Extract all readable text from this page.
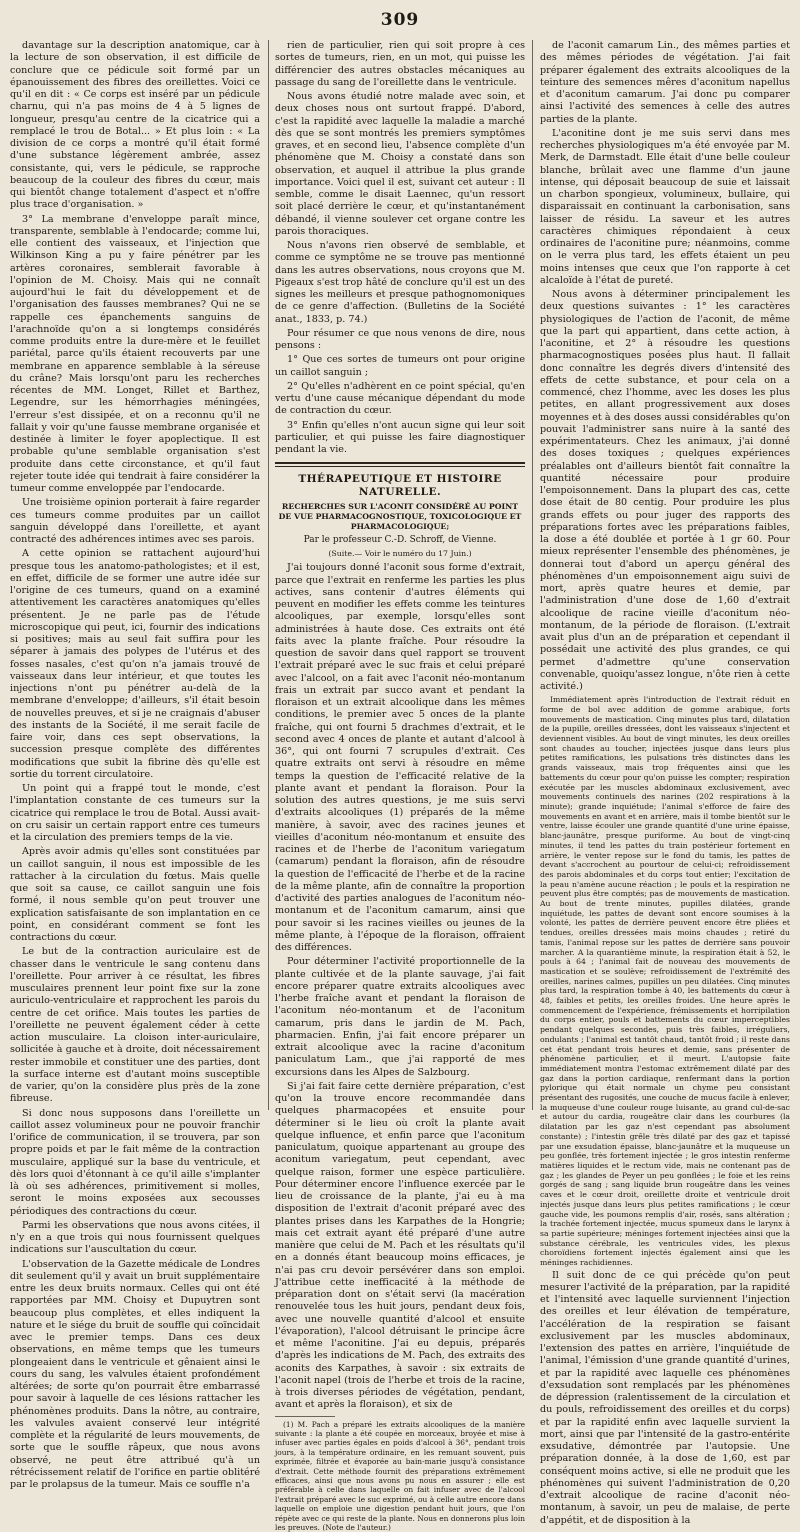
309

davantage sur la description anatomique, car à la lecture de son observation, il est difficile de conclure que ce pédicule soit formé par un épanouissement des fibres des oreillettes. Voici ce qu'il en dit : « Ce corps est inséré par un pédicule charnu, qui n'a pas moins de 4 à 5 lignes de longueur, presqu'au centre de la cicatrice qui a remplacé le trou de Botal... » Et plus loin : « La division de ce corps a montré qu'il était formé d'une substance légèrement ambrée, assez consistante, qui, vers le pédicule, se rapproche beaucoup de la couleur des fibres du cœur, mais qui bientôt change totalement d'aspect et n'offre plus trace d'organisation. »

3° La membrane d'enveloppe paraît mince, transparente, semblable à l'endocarde; comme lui, elle contient des vaisseaux, et l'injection que Wilkinson King a pu y faire pénétrer par les artères coronaires, semblerait favorable à l'opinion de M. Choisy. Mais qui ne connaît aujourd'hui le fait du développement et de l'organisation des fausses membranes? Qui ne se rappelle ces épanchements sanguins de l'arachnoïde qu'on a si longtemps considérés comme produits entre la dure-mère et le feuillet pariétal, parce qu'ils étaient recouverts par une membrane en apparence semblable à la séreuse du crâne? Mais lorsqu'ont paru les recherches récentes de MM. Longet, Rillet et Barthez, Legendre, sur les hémorrhagies méningées, l'erreur s'est dissipée, et on a reconnu qu'il ne fallait y voir qu'une fausse membrane organisée et destinée à limiter le foyer apoplectique. Il est probable qu'une semblable organisation s'est produite dans cette circonstance, et qu'il faut rejeter toute idée qui tendrait à faire considérer la tumeur comme enveloppée par l'endocarde.

Une troisième opinion porterait à faire regarder ces tumeurs comme produites par un caillot sanguin développé dans l'oreillette, et ayant contracté des adhérences intimes avec ses parois.

A cette opinion se rattachent aujourd'hui presque tous les anatomo-pathologistes; et il est, en effet, difficile de se former une autre idée sur l'origine de ces tumeurs, quand on a examiné attentivement les caractères anatomiques qu'elles présentent. Je ne parle pas de l'étude microscopique qui peut, ici, fournir des indications si positives; mais au seul fait suffira pour les séparer à jamais des polypes de l'utérus et des fosses nasales, c'est qu'on n'a jamais trouvé de vaisseaux dans leur intérieur, et que toutes les injections n'ont pu pénétrer au-delà de la membrane d'enveloppe; d'ailleurs, s'il était besoin de nouvelles preuves, et si je ne craignais d'abuser des instants de la Société, il me serait facile de faire voir, dans ces sept observations, la succession presque complète des différentes modifications que subit la fibrine dès qu'elle est sortie du torrent circulatoire.

Un point qui a frappé tout le monde, c'est l'implantation constante de ces tumeurs sur la cicatrice qui remplace le trou de Botal. Aussi avait-on cru saisir un certain rapport entre ces tumeurs et la circulation des premiers temps de la vie.

Après avoir admis qu'elles sont constituées par un caillot sanguin, il nous est impossible de les rattacher à la circulation du fœtus. Mais quelle que soit sa cause, ce caillot sanguin une fois formé, il nous semble qu'on peut trouver une explication satisfaisante de son implantation en ce point, en considérant comment se font les contractions du cœur.

Le but de la contraction auriculaire est de chasser dans le ventricule le sang contenu dans l'oreillette. Pour arriver à ce résultat, les fibres musculaires prennent leur point fixe sur la zone auriculo-ventriculaire et rapprochent les parois du centre de cet orifice. Mais toutes les parties de l'oreillette ne peuvent également céder à cette action musculaire. La cloison inter-auriculaire, sollicitée à gauche et à droite, doit nécessairement rester immobile et constituer une des parties, dont la surface interne est d'autant moins susceptible de varier, qu'on la considère plus près de la zone fibreuse.

Si donc nous supposons dans l'oreillette un caillot assez volumineux pour ne pouvoir franchir l'orifice de communication, il se trouvera, par son propre poids et par le fait même de la contraction musculaire, appliqué sur la base du ventricule, et dès lors quoi d'étonnant à ce qu'il aille s'implanter là où ses adhérences, primitivement si molles, seront le moins exposées aux secousses périodiques des contractions du cœur.

Parmi les observations que nous avons citées, il n'y en a que trois qui nous fournissent quelques indications sur l'auscultation du cœur.

L'observation de la Gazette médicale de Londres dit seulement qu'il y avait un bruit supplémentaire entre les deux bruits normaux. Celles qui ont été rapportées par MM. Choisy et Dupuytren sont beaucoup plus complètes, et elles indiquent la nature et le siége du bruit de souffle qui coïncidait avec le premier temps. Dans ces deux observations, en même temps que les tumeurs plongeaient dans le ventricule et gênaient ainsi le cours du sang, les valvules étaient profondément altérées; de sorte qu'on pourrait être embarrassé pour savoir à laquelle de ces lésions rattacher les phénomènes produits. Dans la nôtre, au contraire, les valvules avaient conservé leur intégrité complète et la régularité de leurs mouvements, de sorte que le souffle râpeux, que nous avons observé, ne peut être attribué qu'à un rétrécissement relatif de l'orifice en partie oblitéré par le prolapsus de la tumeur. Mais ce souffle n'a

rien de particulier, rien qui soit propre à ces sortes de tumeurs, rien, en un mot, qui puisse les différencier des autres obstacles mécaniques au passage du sang de l'oreillette dans le ventricule.

Nous avons étudié notre malade avec soin, et deux choses nous ont surtout frappé. D'abord, c'est la rapidité avec laquelle la maladie a marché dès que se sont montrés les premiers symptômes graves, et en second lieu, l'absence complète d'un phénomène que M. Choisy a constaté dans son observation, et auquel il attribue la plus grande importance. Voici quel il est, suivant cet auteur : Il semble, comme le disait Laennec, qu'un ressort soit placé derrière le cœur, et qu'instantanément débandé, il vienne soulever cet organe contre les parois thoraciques.

Nous n'avons rien observé de semblable, et comme ce symptôme ne se trouve pas mentionné dans les autres observations, nous croyons que M. Pigeaux s'est trop hâté de conclure qu'il est un des signes les meilleurs et presque pathognomoniques de ce genre d'affection. (Bulletins de la Société anat., 1833, p. 74.)

Pour résumer ce que nous venons de dire, nous pensons :

1° Que ces sortes de tumeurs ont pour origine un caillot sanguin ;

2° Qu'elles n'adhèrent en ce point spécial, qu'en vertu d'une cause mécanique dépendant du mode de contraction du cœur.

3° Enfin qu'elles n'ont aucun signe qui leur soit particulier, et qui puisse les faire diagnostiquer pendant la vie.

THÉRAPEUTIQUE ET HISTOIRE NATURELLE.

RECHERCHES SUR L'ACONIT CONSIDÉRÉ AU POINT DE VUE PHARMACOGNOSTIQUE, TOXICOLOGIQUE ET PHARMACOLOGIQUE;

Par le professeur C.-D. Schroff, de Vienne.

(Suite.— Voir le numéro du 17 Juin.)

J'ai toujours donné l'aconit sous forme d'extrait, parce que l'extrait en renferme les parties les plus actives, sans contenir d'autres éléments qui peuvent en modifier les effets comme les teintures alcooliques, par exemple, lorsqu'elles sont administrées à haute dose. Ces extraits ont été faits avec la plante fraîche. Pour résoudre la question de savoir dans quel rapport se trouvent l'extrait préparé avec le suc frais et celui préparé avec l'alcool, on a fait avec l'aconit néo-montanum frais un extrait par succo avant et pendant la floraison et un extrait alcoolique dans les mêmes conditions, le premier avec 5 onces de la plante fraîche, qui ont fourni 5 drachmes d'extrait, et le second avec 4 onces de plante et autant d'alcool à 36°, qui ont fourni 7 scrupules d'extrait. Ces quatre extraits ont servi à résoudre en même temps la question de l'efficacité relative de la plante avant et pendant la floraison. Pour la solution des autres questions, je me suis servi d'extraits alcooliques (1) préparés de la même manière, à savoir, avec des racines jeunes et vieilles d'aconitum néo-montanum et ensuite des racines et de l'herbe de l'aconitum variegatum (camarum) pendant la floraison, afin de résoudre la question de l'efficacité de l'herbe et de la racine de la même plante, afin de connaître la proportion d'activité des parties analogues de l'aconitum néo-montanum et de l'aconitum camarum, ainsi que pour savoir si les racines vieilles ou jeunes de la même plante, à l'époque de la floraison, offraient des différences.

Pour déterminer l'activité proportionnelle de la plante cultivée et de la plante sauvage, j'ai fait encore préparer quatre extraits alcooliques avec l'herbe fraîche avant et pendant la floraison de l'aconitum néo-montanum et de l'aconitum camarum, pris dans le jardin de M. Pach, pharmacien. Enfin, j'ai fait encore préparer un extrait alcoolique avec la racine d'aconitum paniculatum Lam., que j'ai rapporté de mes excursions dans les Alpes de Salzbourg.

Si j'ai fait faire cette dernière préparation, c'est qu'on la trouve encore recommandée dans quelques pharmacopées et ensuite pour déterminer si le lieu où croît la plante avait quelque influence, et enfin parce que l'aconitum paniculatum, quoique appartenant au groupe des aconitum variegatum, peut cependant, avec quelque raison, former une espèce particulière. Pour déterminer encore l'influence exercée par le lieu de croissance de la plante, j'ai eu à ma disposition de l'extrait d'aconit préparé avec des plantes prises dans les Karpathes de la Hongrie; mais cet extrait ayant été préparé d'une autre manière que celui de M. Pach et les résultats qu'il en a donnés étant beaucoup moins efficaces, je n'ai pas cru devoir persévérer dans son emploi. J'attribue cette inefficacité à la méthode de préparation dont on s'était servi (la macération renouvelée tous les huit jours, pendant deux fois, avec une nouvelle quantité d'alcool et ensuite l'évaporation), l'alcool détruisant le principe âcre et même l'aconitine. J'ai eu depuis, préparés d'après les indications de M. Pach, des extraits des aconits des Karpathes, à savoir : six extraits de l'aconit napel (trois de l'herbe et trois de la racine, à trois diverses périodes de végétation, pendant, avant et après la floraison), et six de

(1) M. Pach a préparé les extraits alcooliques de la manière suivante : la plante a été coupée en morceaux, broyée et mise à infuser avec parties égales en poids d'alcool à 36°, pendant trois jours, à la température ordinaire, en les remuant souvent, puis exprimée, filtrée et évaporée au bain-marie jusqu'à consistance d'extrait. Cette méthode fournit des préparations extrêmement efficaces, ainsi que nous avons pu nous en assurer ; elle est préférable à celle dans laquelle on fait infuser avec de l'alcool l'extrait préparé avec le suc exprimé, ou à celle autre encore dans laquelle on emploie une digestion pendant huit jours, que l'on répète avec ce qui reste de la plante. Nous en donnerons plus loin les preuves. (Note de l'auteur.)

de l'aconit camarum Lin., des mêmes parties et des mêmes périodes de végétation. J'ai fait préparer également des extraits alcooliques de la teinture des semences mêres d'aconitum napellus et d'aconitum camarum. J'ai donc pu comparer ainsi l'activité des semences à celle des autres parties de la plante.

L'aconitine dont je me suis servi dans mes recherches physiologiques m'a été envoyée par M. Merk, de Darmstadt. Elle était d'une belle couleur blanche, brûlait avec une flamme d'un jaune intense, qui déposait beaucoup de suie et laissait un charbon spongieux, volumineux, bullaire, qui disparaissait en continuant la carbonisation, sans laisser de résidu. La saveur et les autres caractères chimiques répondaient à ceux ordinaires de l'aconitine pure; néanmoins, comme on le verra plus tard, les effets étaient un peu moins intenses que ceux que l'on rapporte à cet alcaloïde à l'état de pureté.

Nous avons à déterminer principalement les deux questions suivantes : 1° les caractères physiologiques de l'action de l'aconit, de même que la part qui appartient, dans cette action, à l'aconitine, et 2° à résoudre les questions pharmacognostiques posées plus haut. Il fallait donc connaître les degrés divers d'intensité des effets de cette substance, et pour cela on a commencé, chez l'homme, avec les doses les plus petites, en allant progressivement aux doses moyennes et à des doses aussi considérables qu'on pouvait l'administrer sans nuire à la santé des expérimentateurs. Chez les animaux, j'ai donné des doses toxiques ; quelques expériences préalables ont d'ailleurs bientôt fait connaître la quantité nécessaire pour produire l'empoisonnement. Dans la plupart des cas, cette dose était de 80 centig. Pour produire les plus grands effets ou pour juger des rapports des préparations fortes avec les préparations faibles, la dose a été doublée et portée à 1 gr 60. Pour mieux représenter l'ensemble des phénomènes, je donnerai tout d'abord un aperçu général des phénomènes d'un empoisonnement aigu suivi de mort, après quatre heures et demie, par l'administration d'une dose de 1,60 d'extrait alcoolique de racine vieille d'aconitum néo-montanum, de la période de floraison. (L'extrait avait plus d'un an de préparation et cependant il possédait une activité des plus grandes, ce qui permet d'admettre qu'une conservation convenable, quoiqu'assez longue, n'ôte rien à cette activité.)

Immédiatement après l'introduction de l'extrait réduit en forme de bol avec addition de gomme arabique, forts mouvements de mastication. Cinq minutes plus tard, dilatation de la pupille, oreilles dressées, dont les vaisseaux s'injectent et deviennent visibles. Au bout de vingt minutes, les deux oreilles sont chaudes au toucher, injectées jusque dans leurs plus petites ramifications, les pulsations très distinctes dans les grands vaisseaux, mais trop fréquentes ainsi que les battements du cœur pour qu'on puisse les compter; respiration exécutée par les muscles abdominaux exclusivement, avec mouvements continuels des narines (202 respirations à la minute); grande inquiétude; l'animal s'efforce de faire des mouvements en avant et en arrière, mais il tombe bientôt sur le ventre, laisse écouler une grande quantité d'une urine épaisse, blanc-jaunâtre, presque puriforme. Au bout de vingt-cinq minutes, il tend les pattes du train postérieur fortement en arrière, le venter repose sur le fond du tamis, les pattes de devant s'accrochent au pourtour de celui-ci; refroidissement des parois abdominales et du corps tout entier; l'excitation de la peau n'amène aucune réaction ; le pouls et la respiration ne peuvent plus être comptés; pas de mouvements de mastication. Au bout de trente minutes, pupilles dilatées, grande inquiétude, les pattes de devant sont encore soumises à la volonté, les pattes de derrière peuvent encore être pliées et tendues, oreilles dressées mais moins chaudes ; retiré du tamis, l'animal repose sur les pattes de derrière sans pouvoir marcher. A la quarantième minute, la respiration était à 52, le pouls à 64 ; l'animal fait de nouveau des mouvements de mastication et se soulève; refroidissement de l'extrémité des oreilles, narines calmes, pupilles un peu dilatées. Cinq minutes plus tard, la respiration tombe à 40, les battements du cœur à 48, faibles et petits, les oreilles froides. Une heure après le commencement de l'expérience, frémissements et horripilation du corps entier, pouls et battements du cœur imperceptibles pendant quelques secondes, puis très faibles, irréguliers, ondulants ; l'animal est tantôt chaud, tantôt froid ; il reste dans cet état pendant trois heures et demie, sans présenter de phénomène particulier, et il meurt. L'autopsie faite immédiatement montra l'estomac extrêmement dilaté par des gaz dans la portion cardiaque, renfermant dans la portion pylorique qui était normale un chyme peu consistant présentant des rugosités, une couche de mucus facile à enlever, la muqueuse d'une couleur rouge luisante, au grand cul-de-sac et autour du cardia, rougeâtre clair dans les courbures (la dilatation par les gaz n'est cependant pas absolument constante) ; l'intestin grêle très dilaté par des gaz et tapissé par une exsudation épaisse, blanc-jaunâtre et la muqueuse un peu gonflée, très fortement injectée ; le gros intestin renferme matières liquides et le rectum vide, mais ne contenant pas de gaz ; les glandes de Peyer un peu gonflées ; le foie et les reins gorgés de sang ; sang liquide brun rougeâtre dans les veines caves et le cœur droit, oreillette droite et ventricule droit injectés jusque dans leurs plus petites ramifications ; le cœur gauche vide, les poumons remplis d'air, rosés, sans altération ; la trachée fortement injectée, mucus spumeux dans le larynx à sa partie supérieure; méninges fortement injectées ainsi que la substance cérébrale, les ventricules vides, les plexus choroïdiens fortement injectés également ainsi que les méninges rachidiennes.

Il suit donc de ce qui précède qu'on peut mesurer l'activité de la préparation, par la rapidité et l'intensité avec laquelle surviennent l'injection des oreilles et leur élévation de température, l'accélération de la respiration se faisant exclusivement par les muscles abdominaux, l'extension des pattes en arrière, l'inquiétude de l'animal, l'émission d'une grande quantité d'urines, et par la rapidité avec laquelle ces phénomènes d'exsudation sont remplacés par les phénomènes de dépression (ralentissement de la circulation et du pouls, refroidissement des oreilles et du corps) et par la rapidité enfin avec laquelle survient la mort, ainsi que par l'intensité de la gastro-entérite exsudative, démontrée par l'autopsie. Une préparation donnée, à la dose de 1,60, est par conséquent moins active, si elle ne produit que les phénomènes qui suivent l'administration de 0,20 d'extrait alcoolique de racine d'aconit néo-montanum, à savoir, un peu de malaise, de perte d'appétit, et de disposition à la
